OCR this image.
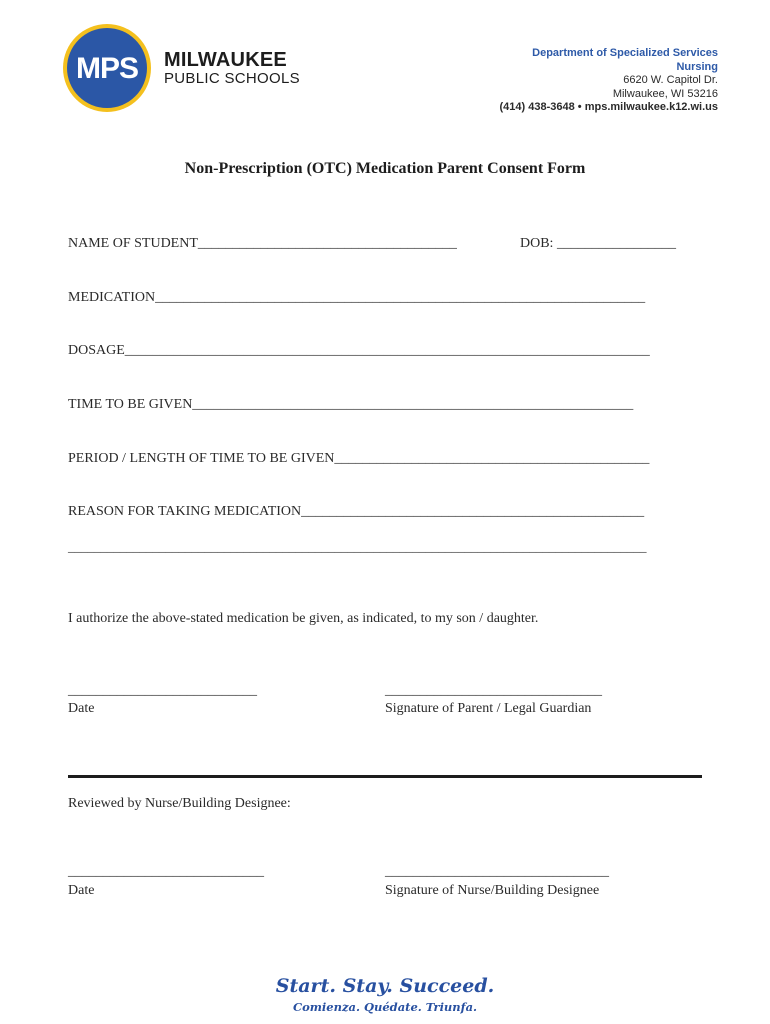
MPS MILWAUKEE
PUBLIC SCHOOLS
Department of Specialized Services
Nursing
6620 W. Capitol Dr.
Milwaukee, WI 53216
(414) 438-3648 • mps.milwaukee.k12.wi.us
Non-Prescription (OTC) Medication Parent Consent Form
NAME OF STUDENT_____________________________________	DOB: _________________
MEDICATION______________________________________________________________________
DOSAGE___________________________________________________________________________
TIME TO BE GIVEN_______________________________________________________________
PERIOD / LENGTH OF TIME TO BE GIVEN_____________________________________________
REASON FOR TAKING MEDICATION_________________________________________________
_________________________________________________________________________________________
I authorize the above-stated medication be given, as indicated, to my son / daughter.
___________________________
Date
_______________________________
Signature of Parent / Legal Guardian
Reviewed by Nurse/Building Designee:
____________________________
Date
________________________________
Signature of Nurse/Building Designee
Start. Stay. Succeed.
Comienza. Quédate. Triunfa.
